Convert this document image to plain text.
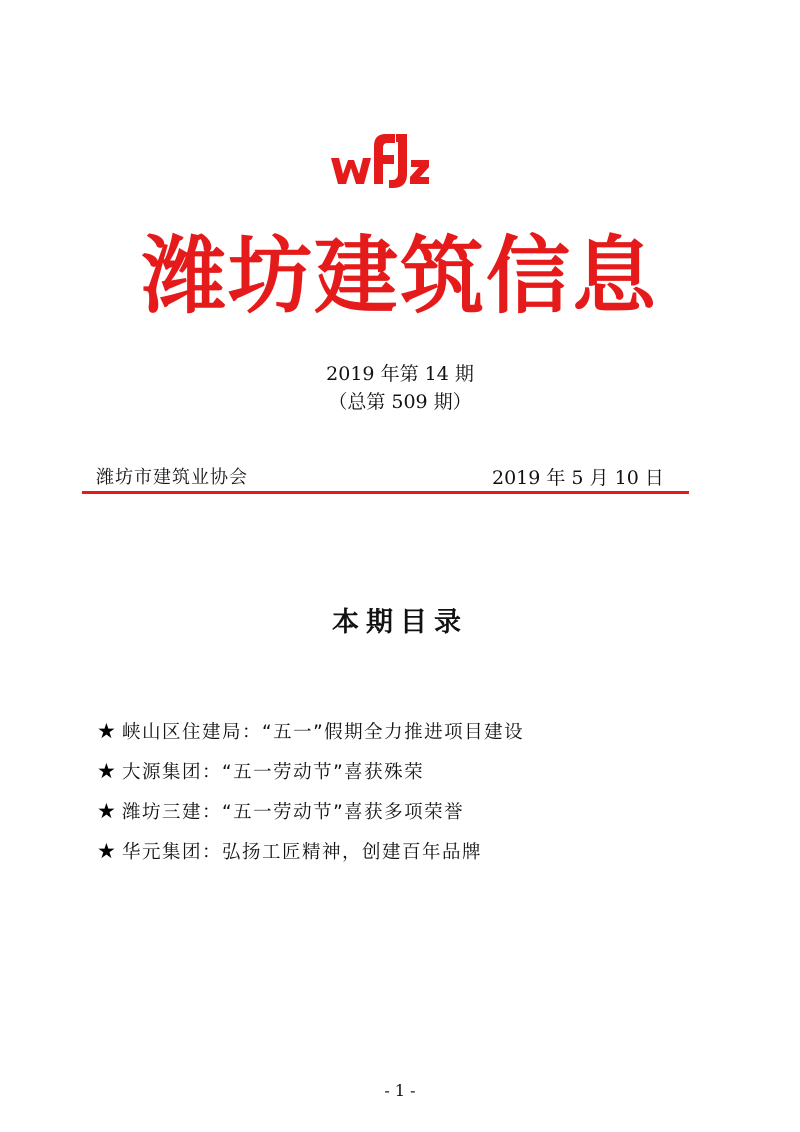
潍坊建筑信息
2019 年第 14 期
（总第 509 期）
潍坊市建筑业协会	2019 年 5 月 10 日
本期目录
★ 峡山区住建局：“五一”假期全力推进项目建设
★ 大源集团：“五一劳动节”喜获殊荣
★ 潍坊三建：“五一劳动节”喜获多项荣誉
★ 华元集团：弘扬工匠精神，创建百年品牌
- 1 -
